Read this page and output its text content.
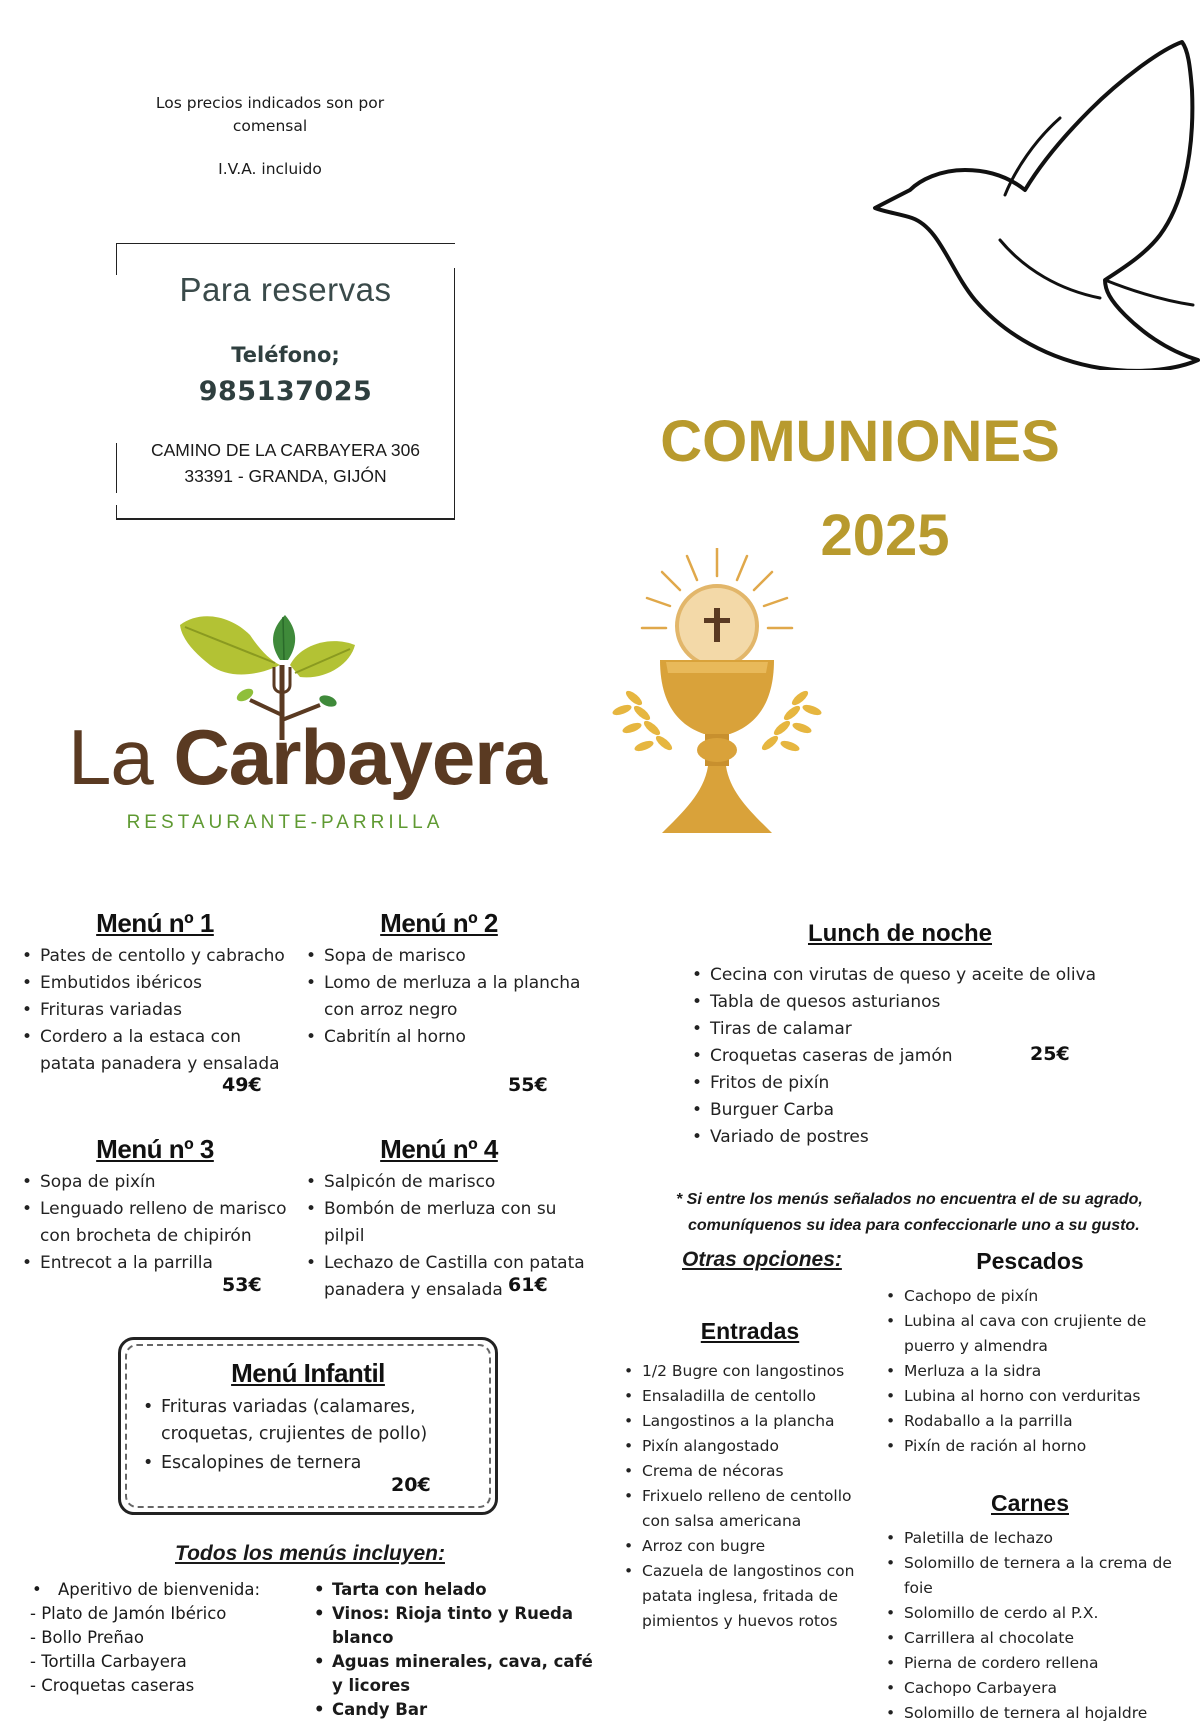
Los precios indicados son por
comensal
I.V.A. incluido
Para reservas
Teléfono;
985137025
CAMINO DE LA CARBAYERA 306
33391 - GRANDA, GIJÓN
COMUNIONES
2025
La Carbayera
RESTAURANTE-PARRILLA
Menú nº 1
• Pates de centollo y cabracho
• Embutidos ibéricos
• Frituras variadas
• Cordero a la estaca con patata panadera y ensalada
49€
Menú nº 2
• Sopa de marisco
• Lomo de merluza a la plancha con arroz negro
• Cabritín al horno
55€
Menú nº 3
• Sopa de pixín
• Lenguado relleno de marisco con brocheta de chipirón
• Entrecot a la parrilla
53€
Menú nº 4
• Salpicón de marisco
• Bombón de merluza con su pilpil
• Lechazo de Castilla con patata panadera y ensalada 61€
Menú Infantil
• Frituras variadas (calamares, croquetas, crujientes de pollo)
• Escalopines de ternera
20€
Todos los menús incluyen:
• Aperitivo de bienvenida:
- Plato de Jamón Ibérico
- Bollo Preñao
- Tortilla Carbayera
- Croquetas caseras
• Tarta con helado
• Vinos: Rioja tinto y Rueda blanco
• Aguas minerales, cava, café y licores
• Candy Bar
Lunch de noche
• Cecina con virutas de queso y aceite de oliva
• Tabla de quesos asturianos
• Tiras de calamar
• Croquetas caseras de jamón
• Fritos de pixín
• Burguer Carba
• Variado de postres
25€
* Si entre los menús señalados no encuentra el de su agrado,
comuníquenos su idea para confeccionarle uno a su gusto.
Otras opciones:
Entradas
• 1/2 Bugre con langostinos
• Ensaladilla de centollo
• Langostinos a la plancha
• Pixín alangostado
• Crema de nécoras
• Frixuelo relleno de centollo con salsa americana
• Arroz con bugre
• Cazuela de langostinos con patata inglesa, fritada de pimientos y huevos rotos
Pescados
• Cachopo de pixín
• Lubina al cava con crujiente de puerro y almendra
• Merluza a la sidra
• Lubina al horno con verduritas
• Rodaballo a la parrilla
• Pixín de ración al horno
Carnes
• Paletilla de lechazo
• Solomillo de ternera a la crema de foie
• Solomillo de cerdo al P.X.
• Carrillera al chocolate
• Pierna de cordero rellena
• Cachopo Carbayera
• Solomillo de ternera al hojaldre
